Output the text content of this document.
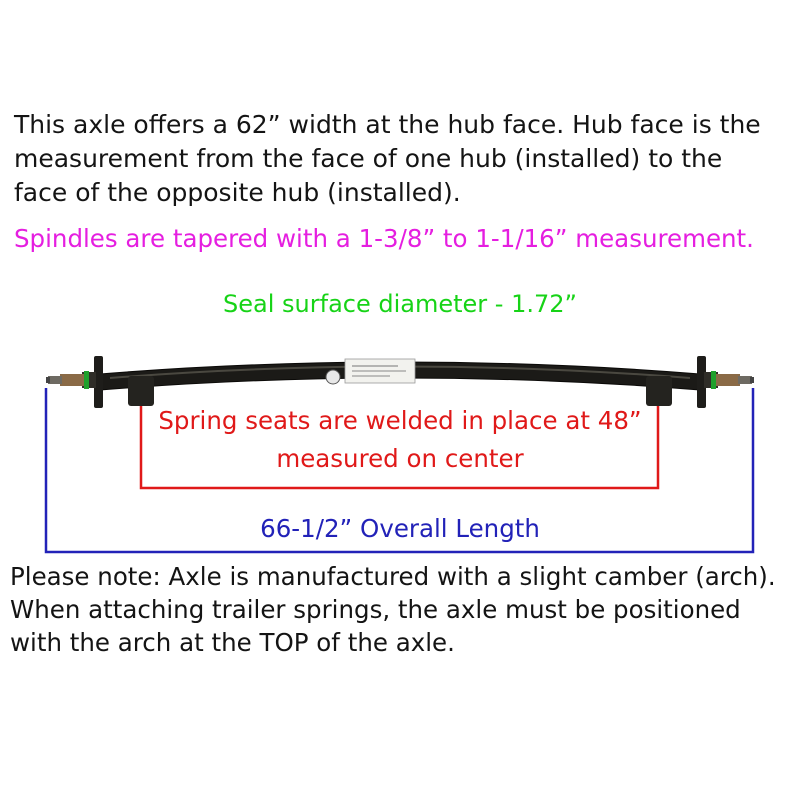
This axle offers a 62” width at the hub face. Hub face is the
measurement from the face of one hub (installed) to the
face of the opposite hub (installed).
Spindles are tapered with a 1-3/8” to 1-1/16” measurement.
Seal surface diameter - 1.72”
Spring seats are welded in place at 48”
measured on center
66-1/2” Overall Length
Please note: Axle is manufactured with a slight camber (arch).
When attaching trailer springs, the axle must be positioned
with the arch at the TOP of the axle.
